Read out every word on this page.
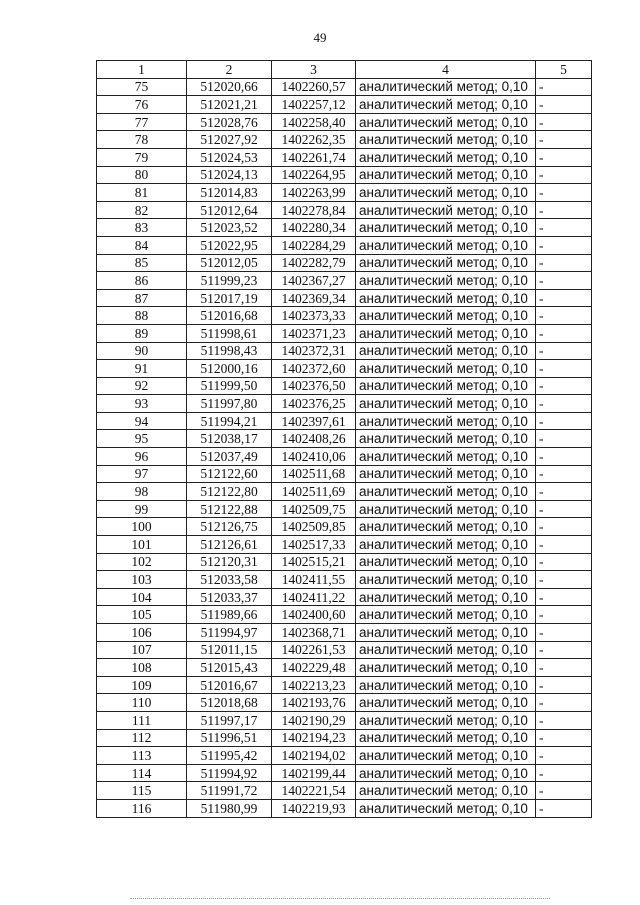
49
1	2	3	4	5
75	512020,66	1402260,57	аналитический метод; 0,10	-
76	512021,21	1402257,12	аналитический метод; 0,10	-
77	512028,76	1402258,40	аналитический метод; 0,10	-
78	512027,92	1402262,35	аналитический метод; 0,10	-
79	512024,53	1402261,74	аналитический метод; 0,10	-
80	512024,13	1402264,95	аналитический метод; 0,10	-
81	512014,83	1402263,99	аналитический метод; 0,10	-
82	512012,64	1402278,84	аналитический метод; 0,10	-
83	512023,52	1402280,34	аналитический метод; 0,10	-
84	512022,95	1402284,29	аналитический метод; 0,10	-
85	512012,05	1402282,79	аналитический метод; 0,10	-
86	511999,23	1402367,27	аналитический метод; 0,10	-
87	512017,19	1402369,34	аналитический метод; 0,10	-
88	512016,68	1402373,33	аналитический метод; 0,10	-
89	511998,61	1402371,23	аналитический метод; 0,10	-
90	511998,43	1402372,31	аналитический метод; 0,10	-
91	512000,16	1402372,60	аналитический метод; 0,10	-
92	511999,50	1402376,50	аналитический метод; 0,10	-
93	511997,80	1402376,25	аналитический метод; 0,10	-
94	511994,21	1402397,61	аналитический метод; 0,10	-
95	512038,17	1402408,26	аналитический метод; 0,10	-
96	512037,49	1402410,06	аналитический метод; 0,10	-
97	512122,60	1402511,68	аналитический метод; 0,10	-
98	512122,80	1402511,69	аналитический метод; 0,10	-
99	512122,88	1402509,75	аналитический метод; 0,10	-
100	512126,75	1402509,85	аналитический метод; 0,10	-
101	512126,61	1402517,33	аналитический метод; 0,10	-
102	512120,31	1402515,21	аналитический метод; 0,10	-
103	512033,58	1402411,55	аналитический метод; 0,10	-
104	512033,37	1402411,22	аналитический метод; 0,10	-
105	511989,66	1402400,60	аналитический метод; 0,10	-
106	511994,97	1402368,71	аналитический метод; 0,10	-
107	512011,15	1402261,53	аналитический метод; 0,10	-
108	512015,43	1402229,48	аналитический метод; 0,10	-
109	512016,67	1402213,23	аналитический метод; 0,10	-
110	512018,68	1402193,76	аналитический метод; 0,10	-
111	511997,17	1402190,29	аналитический метод; 0,10	-
112	511996,51	1402194,23	аналитический метод; 0,10	-
113	511995,42	1402194,02	аналитический метод; 0,10	-
114	511994,92	1402199,44	аналитический метод; 0,10	-
115	511991,72	1402221,54	аналитический метод; 0,10	-
116	511980,99	1402219,93	аналитический метод; 0,10	-
